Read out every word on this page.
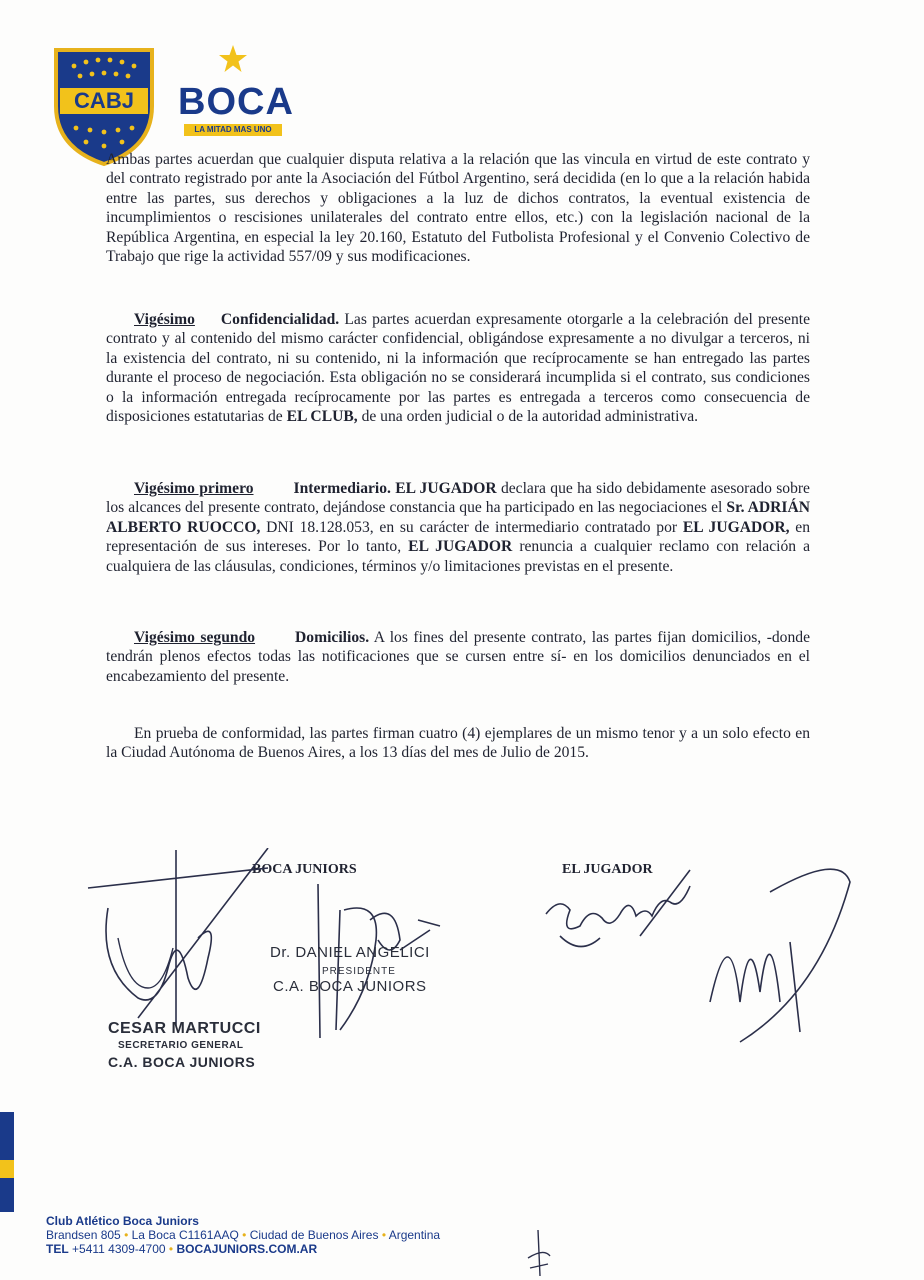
CABJ BOCA
LA MITAD MAS UNO
Ambas partes acuerdan que cualquier disputa relativa a la relación que las vincula en virtud de este contrato y del contrato registrado por ante la Asociación del Fútbol Argentino, será decidida (en lo que a la relación habida entre las partes, sus derechos y obligaciones a la luz de dichos contratos, la eventual existencia de incumplimientos o rescisiones unilaterales del contrato entre ellos, etc.) con la legislación nacional de la República Argentina, en especial la ley 20.160, Estatuto del Futbolista Profesional y el Convenio Colectivo de Trabajo que rige la actividad 557/09 y sus modificaciones.
Vigésimo Confidencialidad. Las partes acuerdan expresamente otorgarle a la celebración del presente contrato y al contenido del mismo carácter confidencial, obligándose expresamente a no divulgar a terceros, ni la existencia del contrato, ni su contenido, ni la información que recíprocamente se han entregado las partes durante el proceso de negociación. Esta obligación no se considerará incumplida si el contrato, sus condiciones o la información entregada recíprocamente por las partes es entregada a terceros como consecuencia de disposiciones estatutarias de EL CLUB, de una orden judicial o de la autoridad administrativa.
Vigésimo primero	Intermediario. EL JUGADOR declara que ha sido debidamente asesorado sobre los alcances del presente contrato, dejándose constancia que ha participado en las negociaciones el Sr. ADRIÁN ALBERTO RUOCCO, DNI 18.128.053, en su carácter de intermediario contratado por EL JUGADOR, en representación de sus intereses. Por lo tanto, EL JUGADOR renuncia a cualquier reclamo con relación a cualquiera de las cláusulas, condiciones, términos y/o limitaciones previstas en el presente.
Vigésimo segundo	Domicilios. A los fines del presente contrato, las partes fijan domicilios, -donde tendrán plenos efectos todas las notificaciones que se cursen entre sí- en los domicilios denunciados en el encabezamiento del presente.
En prueba de conformidad, las partes firman cuatro (4) ejemplares de un mismo tenor y a un solo efecto en la Ciudad Autónoma de Buenos Aires, a los 13 días del mes de Julio de 2015.
BOCA JUNIORS	EL JUGADOR
Dr. DANIEL ANGELICI
PRESIDENTE
C.A. BOCA JUNIORS
CESAR MARTUCCI
SECRETARIO GENERAL
C.A. BOCA JUNIORS
Club Atlético Boca Juniors
Brandsen 805 • La Boca C1161AAQ • Ciudad de Buenos Aires • Argentina
TEL +5411 4309-4700 • BOCAJUNIORS.COM.AR
